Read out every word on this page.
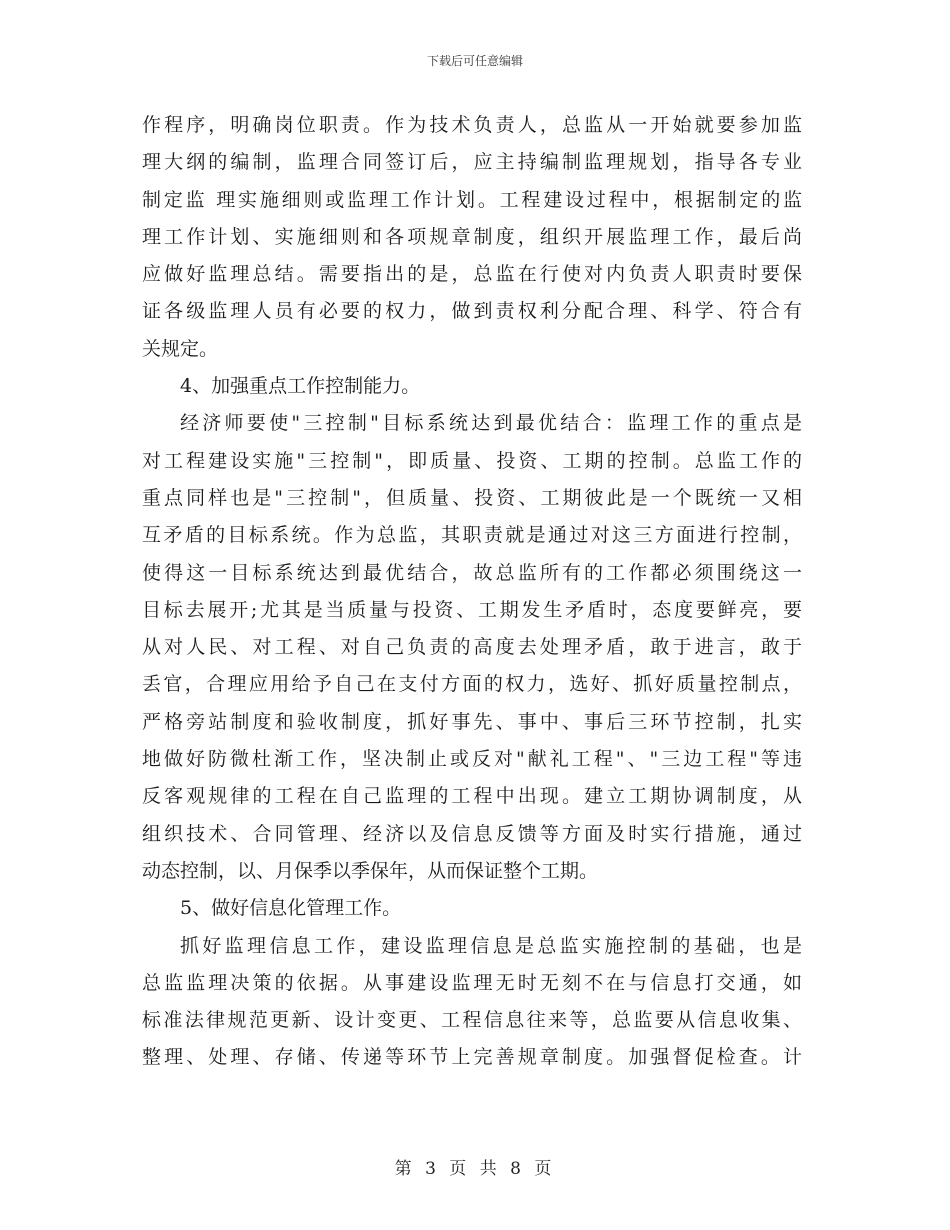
下载后可任意编辑
作程序，明确岗位职责。作为技术负责人，总监从一开始就要参加监
理大纲的编制，监理合同签订后，应主持编制监理规划，指导各专业
制定监 理实施细则或监理工作计划。工程建设过程中，根据制定的监
理工作计划、实施细则和各项规章制度，组织开展监理工作，最后尚
应做好监理总结。需要指出的是，总监在行使对内负责人职责时要保
证各级监理人员有必要的权力，做到责权利分配合理、科学、符合有
关规定。
4、加强重点工作控制能力。
经济师要使"三控制"目标系统达到最优结合：监理工作的重点是
对工程建设实施"三控制"，即质量、投资、工期的控制。总监工作的
重点同样也是"三控制"，但质量、投资、工期彼此是一个既统一又相
互矛盾的目标系统。作为总监，其职责就是通过对这三方面进行控制，
使得这一目标系统达到最优结合，故总监所有的工作都必须围绕这一
目标去展开;尤其是当质量与投资、工期发生矛盾时，态度要鲜亮，要
从对人民、对工程、对自己负责的高度去处理矛盾，敢于进言，敢于
丢官，合理应用给予自己在支付方面的权力，选好、抓好质量控制点，
严格旁站制度和验收制度，抓好事先、事中、事后三环节控制，扎实
地做好防微杜渐工作，坚决制止或反对"献礼工程"、"三边工程"等违
反客观规律的工程在自己监理的工程中出现。建立工期协调制度，从
组织技术、合同管理、经济以及信息反馈等方面及时实行措施，通过
动态控制，以、月保季以季保年，从而保证整个工期。
5、做好信息化管理工作。
抓好监理信息工作，建设监理信息是总监实施控制的基础，也是
总监监理决策的依据。从事建设监理无时无刻不在与信息打交通，如
标准法律规范更新、设计变更、工程信息往来等，总监要从信息收集、
整理、处理、存储、传递等环节上完善规章制度。加强督促检查。计
第 3 页 共 8 页
